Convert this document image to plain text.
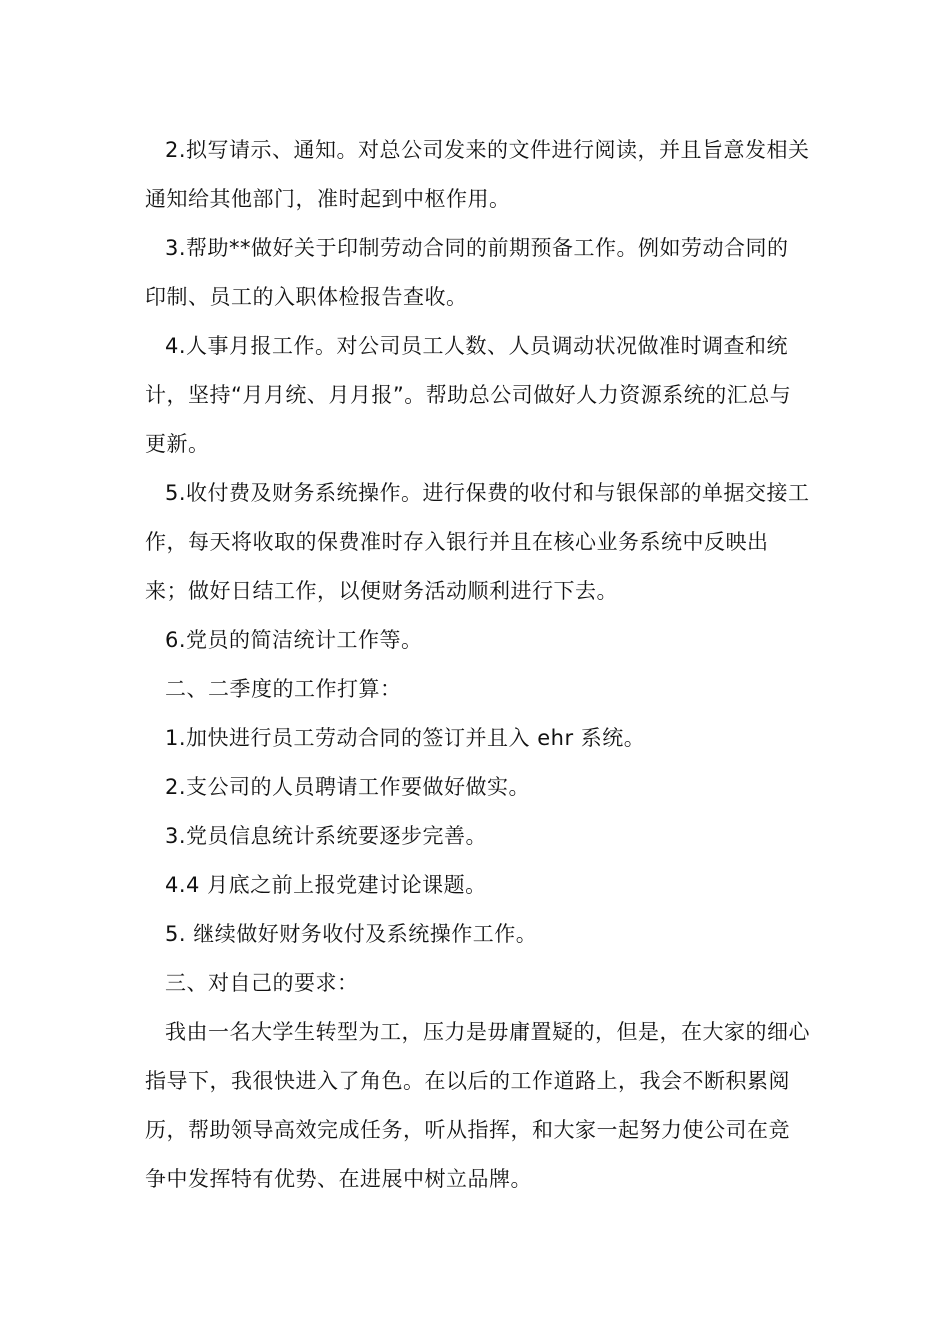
2.拟写请示、通知。对总公司发来的文件进行阅读，并且旨意发相关通知给其他部门，准时起到中枢作用。

3.帮助**做好关于印制劳动合同的前期预备工作。例如劳动合同的印制、员工的入职体检报告查收。

4.人事月报工作。对公司员工人数、人员调动状况做准时调查和统计，坚持“月月统、月月报”。帮助总公司做好人力资源系统的汇总与更新。

5.收付费及财务系统操作。进行保费的收付和与银保部的单据交接工作，每天将收取的保费准时存入银行并且在核心业务系统中反映出来；做好日结工作，以便财务活动顺利进行下去。

6.党员的简洁统计工作等。

二、二季度的工作打算：

1.加快进行员工劳动合同的签订并且入 ehr 系统。

2.支公司的人员聘请工作要做好做实。

3.党员信息统计系统要逐步完善。

4.4 月底之前上报党建讨论课题。

5. 继续做好财务收付及系统操作工作。

三、对自己的要求：

我由一名大学生转型为工，压力是毋庸置疑的，但是，在大家的细心指导下，我很快进入了角色。在以后的工作道路上，我会不断积累阅历，帮助领导高效完成任务，听从指挥，和大家一起努力使公司在竞争中发挥特有优势、在进展中树立品牌。
